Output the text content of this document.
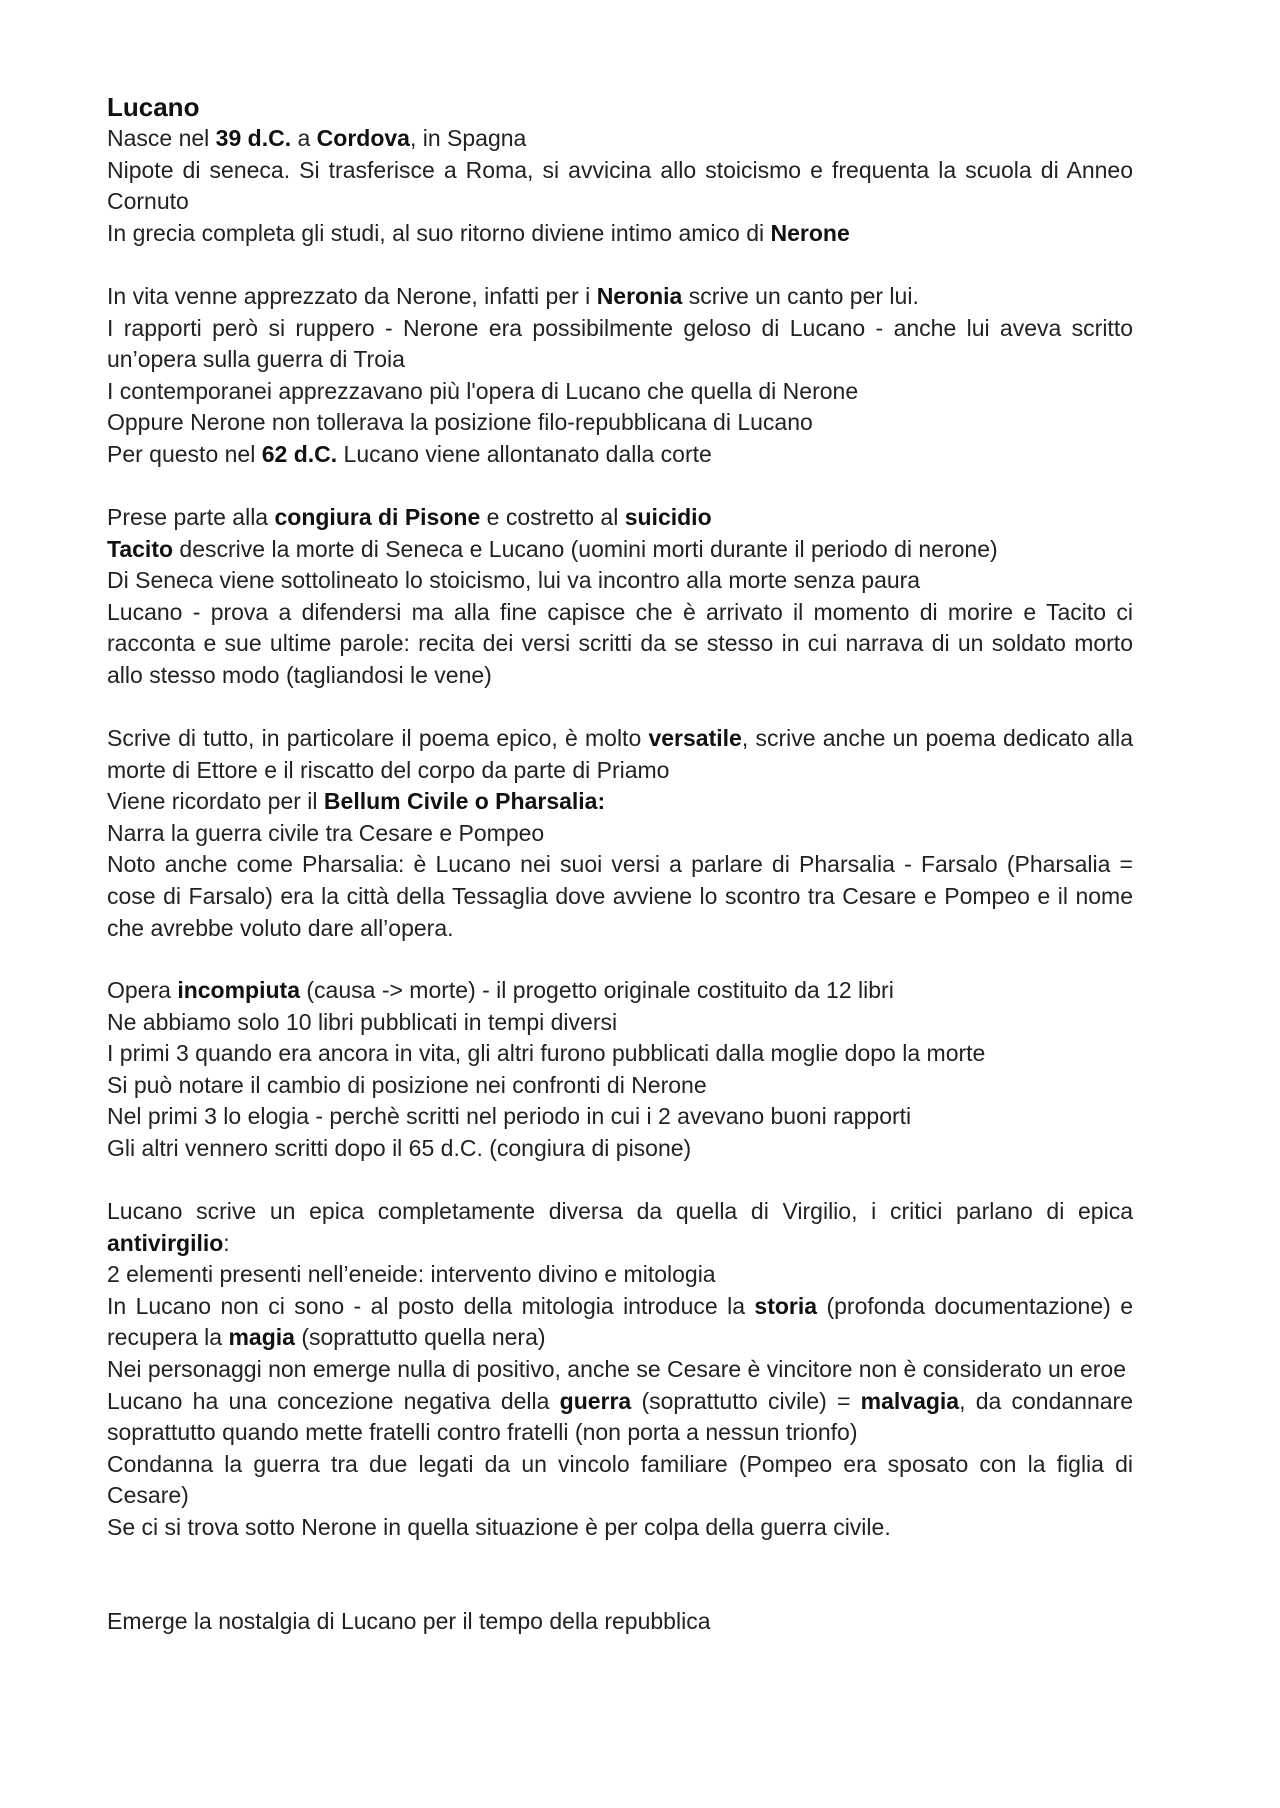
Lucano
Nasce nel 39 d.C. a Cordova, in Spagna
Nipote di seneca. Si trasferisce a Roma, si avvicina allo stoicismo e frequenta la scuola di Anneo Cornuto
In grecia completa gli studi, al suo ritorno diviene intimo amico di Nerone
In vita venne apprezzato da Nerone, infatti per i Neronia scrive un canto per lui.
I rapporti però si ruppero - Nerone era possibilmente geloso di Lucano - anche lui aveva scritto un’opera sulla guerra di Troia
I contemporanei apprezzavano più l'opera di Lucano che quella di Nerone
Oppure Nerone non tollerava la posizione filo-repubblicana di Lucano
Per questo nel 62 d.C. Lucano viene allontanato dalla corte
Prese parte alla congiura di Pisone e costretto al suicidio
Tacito descrive la morte di Seneca e Lucano (uomini morti durante il periodo di nerone)
Di Seneca viene sottolineato lo stoicismo, lui va incontro alla morte senza paura
Lucano - prova a difendersi ma alla fine capisce che è arrivato il momento di morire e Tacito ci racconta e sue ultime parole: recita dei versi scritti da se stesso in cui narrava di un soldato morto allo stesso modo (tagliandosi le vene)
Scrive di tutto, in particolare il poema epico, è molto versatile, scrive anche un poema dedicato alla morte di Ettore e il riscatto del corpo da parte di Priamo
Viene ricordato per il Bellum Civile o Pharsalia:
Narra la guerra civile tra Cesare e Pompeo
Noto anche come Pharsalia: è Lucano nei suoi versi a parlare di Pharsalia - Farsalo (Pharsalia = cose di Farsalo) era la città della Tessaglia dove avviene lo scontro tra Cesare e Pompeo e il nome che avrebbe voluto dare all’opera.
Opera incompiuta (causa -> morte) - il progetto originale costituito da 12 libri
Ne abbiamo solo 10 libri pubblicati in tempi diversi
I primi 3 quando era ancora in vita, gli altri furono pubblicati dalla moglie dopo la morte
Si può notare il cambio di posizione nei confronti di Nerone
Nel primi 3 lo elogia - perchè scritti nel periodo in cui i 2 avevano buoni rapporti
Gli altri vennero scritti dopo il 65 d.C. (congiura di pisone)
Lucano scrive un epica completamente diversa da quella di Virgilio, i critici parlano di epica antivirgilio:
2 elementi presenti nell’eneide: intervento divino e mitologia
In Lucano non ci sono - al posto della mitologia introduce la storia (profonda documentazione) e recupera la magia (soprattutto quella nera)
Nei personaggi non emerge nulla di positivo, anche se Cesare è vincitore non è considerato un eroe
Lucano ha una concezione negativa della guerra (soprattutto civile) = malvagia, da condannare soprattutto quando mette fratelli contro fratelli (non porta a nessun trionfo)
Condanna la guerra tra due legati da un vincolo familiare (Pompeo era sposato con la figlia di Cesare)
Se ci si trova sotto Nerone in quella situazione è per colpa della guerra civile.
Emerge la nostalgia di Lucano per il tempo della repubblica
